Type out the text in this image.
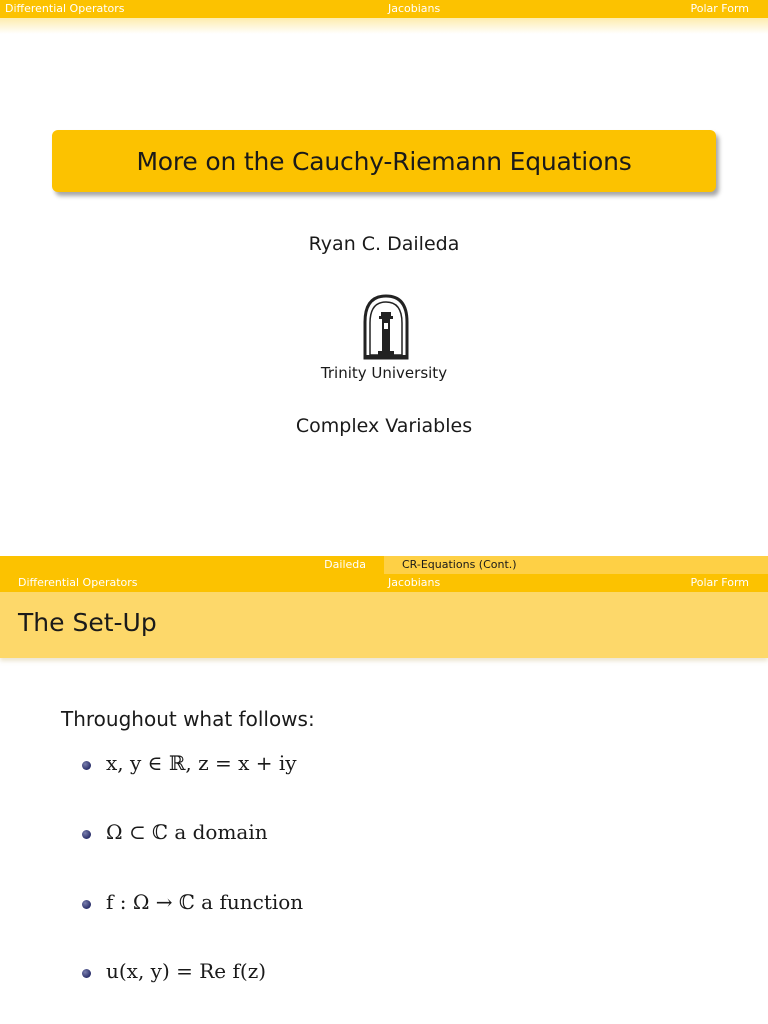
Differential Operators	Jacobians	Polar Form
More on the Cauchy-Riemann Equations
Ryan C. Daileda
Trinity University
Complex Variables
Daileda	CR-Equations (Cont.)
Differential Operators	Jacobians	Polar Form
The Set-Up
Throughout what follows:
x, y ∈ ℝ, z = x + iy
Ω ⊂ ℂ a domain
f : Ω → ℂ a function
u(x, y) = Re f(z)
